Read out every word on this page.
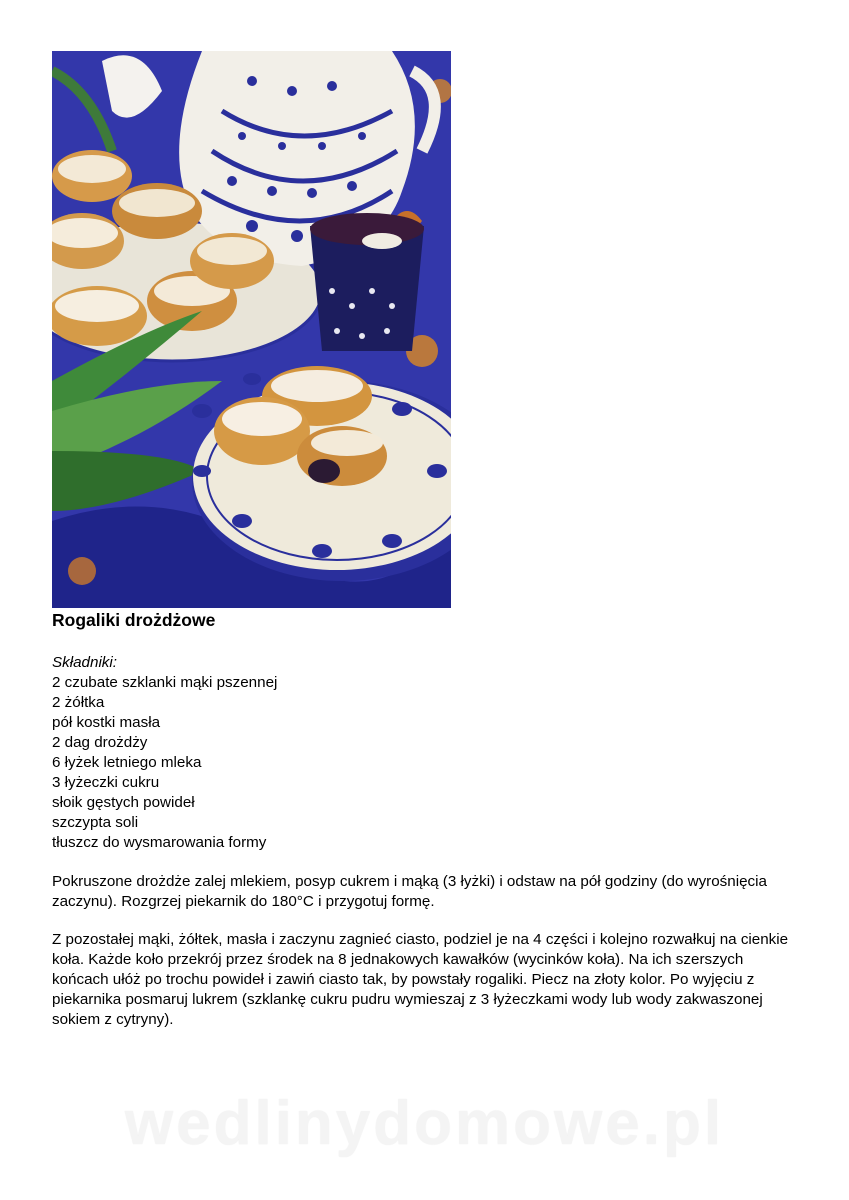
Rogaliki drożdżowe
Składniki:
2 czubate szklanki mąki pszennej
2 żółtka
pół kostki masła
2 dag drożdży
6 łyżek letniego mleka
3 łyżeczki cukru
słoik gęstych powideł
szczypta soli
tłuszcz do wysmarowania formy
Pokruszone drożdże zalej mlekiem, posyp cukrem i mąką (3 łyżki) i odstaw na pół godziny (do wyrośnięcia zaczynu). Rozgrzej piekarnik do 180°C i przygotuj formę.
Z pozostałej mąki, żółtek, masła i zaczynu zagnieć ciasto, podziel je na 4 części i kolejno rozwałkuj na cienkie koła. Każde koło przekrój przez środek na 8 jednakowych kawałków (wycinków koła). Na ich szerszych końcach ułóż po trochu powideł i zawiń ciasto tak, by powstały rogaliki. Piecz na złoty kolor. Po wyjęciu z piekarnika posmaruj lukrem (szklankę cukru pudru wymieszaj z 3 łyżeczkami wody lub wody zakwaszonej sokiem z cytryny).
wedlinydomowe.pl
